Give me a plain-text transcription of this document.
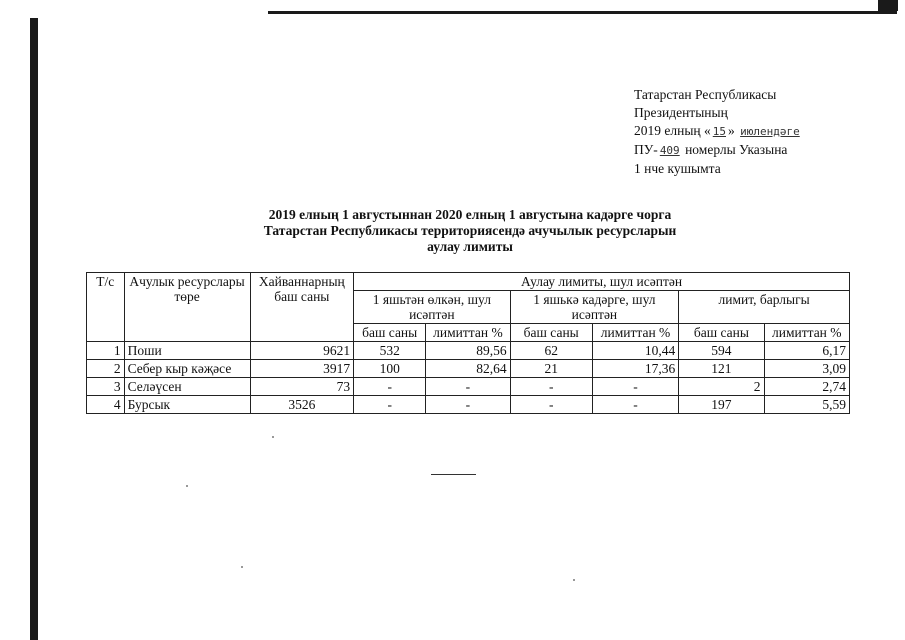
Татарстан Республикасы
Президентының
2019 елның « 15 » июлендәге
ПУ- 409 номерлы Указына
1 нче кушымта
2019 елның 1 августыннан 2020 елның 1 августына кадәрге чорга
Татарстан Республикасы территориясендә ачучылык ресурсларын
аулау лимиты
Т/с	Ачулык ресурслары төре	Хайваннарның баш саны	Аулау лимиты, шул исәптән					
			1 яшьтән өлкән, шул исәптән		1 яшькә кадәрге, шул исәптән		лимит, барлыгы	
			баш саны	лимиттан %	баш саны	лимиттан %	баш саны	лимиттан %
1	Поши	9621	532	89,56	62	10,44	594	6,17
2	Себер кыр кәҗәсе	3917	100	82,64	21	17,36	121	3,09
3	Селәүсен	73	-	-	-	-	2	2,74
4	Бурсык	3526	-	-	-	-	197	5,59
